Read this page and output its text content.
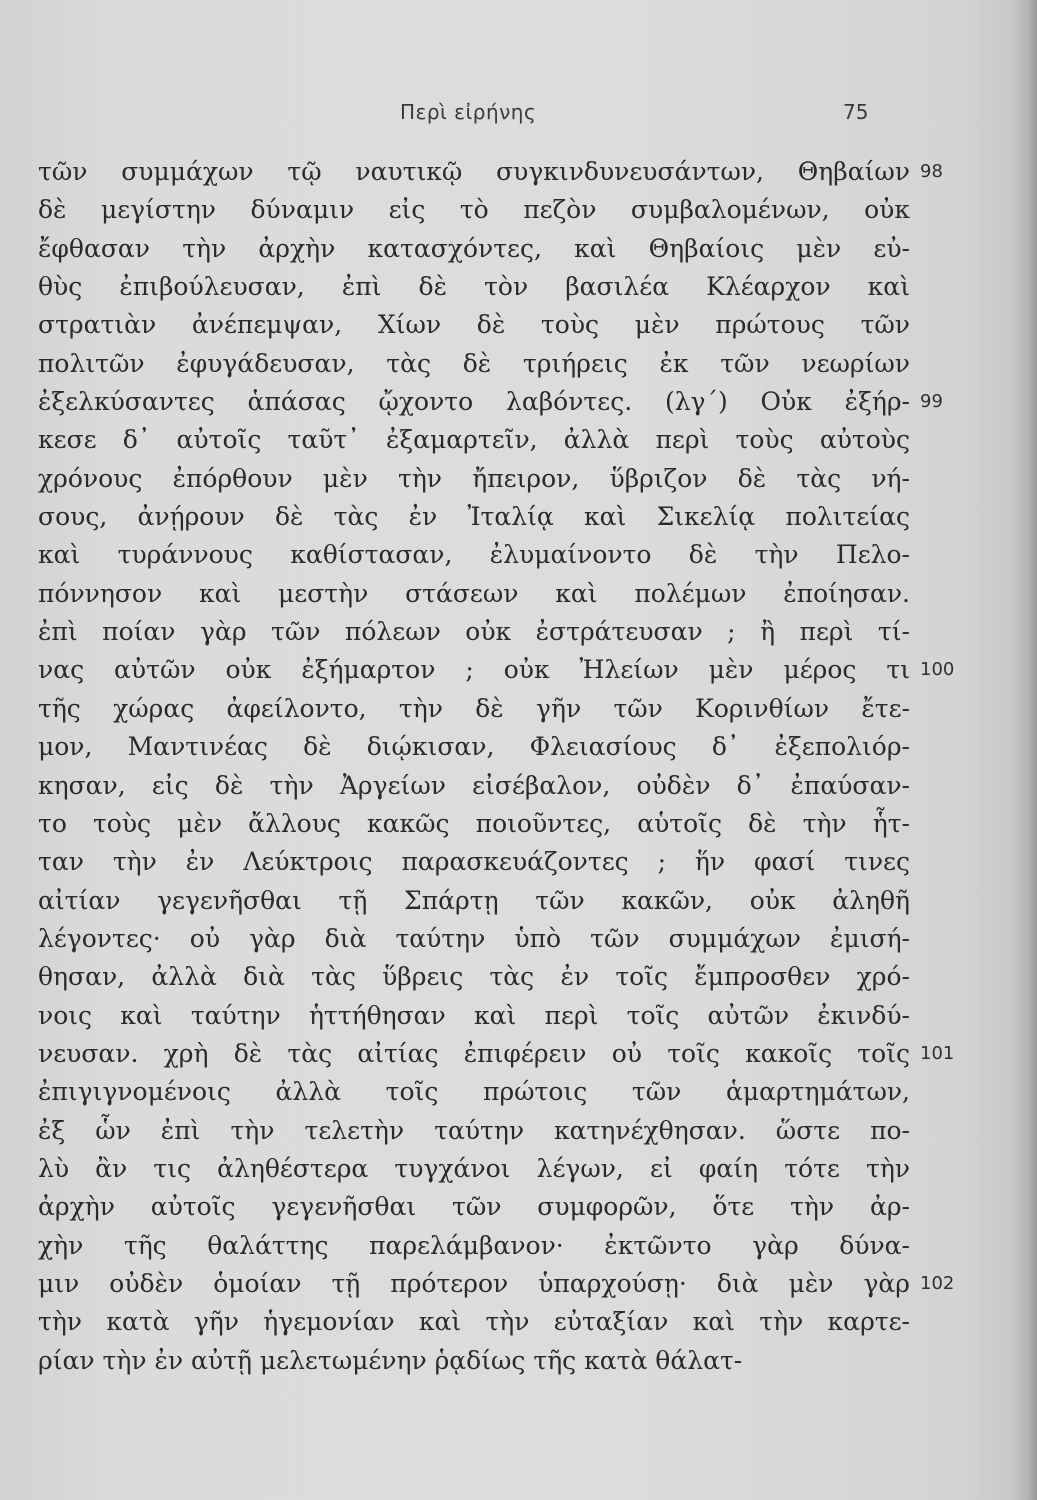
Περὶ εἰρήνης	75
τῶν συμμάχων τῷ ναυτικῷ συγκινδυνευσάντων, Θηβαίων 98
δὲ μεγίστην δύναμιν εἰς τὸ πεζὸν συμβαλομένων, οὐκ
ἔφθασαν τὴν ἀρχὴν κατασχόντες, καὶ Θηβαίοις μὲν εὐ-
θὺς ἐπιβούλευσαν, ἐπὶ δὲ τὸν βασιλέα Κλέαρχον καὶ
στρατιὰν ἀνέπεμψαν, Χίων δὲ τοὺς μὲν πρώτους τῶν
πολιτῶν ἐφυγάδευσαν, τὰς δὲ τριήρεις ἐκ τῶν νεωρίων
ἐξελκύσαντες ἁπάσας ᾤχοντο λαβόντες. (λγ´) Οὐκ ἐξήρ- 99
κεσε δ᾽ αὐτοῖς ταῦτ᾽ ἐξαμαρτεῖν, ἀλλὰ περὶ τοὺς αὐτοὺς
χρόνους ἐπόρθουν μὲν τὴν ἤπειρον, ὕβριζον δὲ τὰς νή-
σους, ἀνῄρουν δὲ τὰς ἐν Ἰταλίᾳ καὶ Σικελίᾳ πολιτείας
καὶ τυράννους καθίστασαν, ἐλυμαίνοντο δὲ τὴν Πελο-
πόννησον καὶ μεστὴν στάσεων καὶ πολέμων ἐποίησαν.
ἐπὶ ποίαν γὰρ τῶν πόλεων οὐκ ἐστράτευσαν ; ἢ περὶ τί-
νας αὐτῶν οὐκ ἐξήμαρτον ; οὐκ Ἠλείων μὲν μέρος τι 100
τῆς χώρας ἀφείλοντο, τὴν δὲ γῆν τῶν Κορινθίων ἔτε-
μον, Μαντινέας δὲ διῴκισαν, Φλειασίους δ᾽ ἐξεπολιόρ-
κησαν, εἰς δὲ τὴν Ἀργείων εἰσέβαλον, οὐδὲν δ᾽ ἐπαύσαν-
το τοὺς μὲν ἄλλους κακῶς ποιοῦντες, αὑτοῖς δὲ τὴν ἧτ-
ταν τὴν ἐν Λεύκτροις παρασκευάζοντες ; ἥν φασί τινες
αἰτίαν γεγενῆσθαι τῇ Σπάρτῃ τῶν κακῶν, οὐκ ἀληθῆ
λέγοντες· οὐ γὰρ διὰ ταύτην ὑπὸ τῶν συμμάχων ἐμισή-
θησαν, ἀλλὰ διὰ τὰς ὕβρεις τὰς ἐν τοῖς ἔμπροσθεν χρό-
νοις καὶ ταύτην ἡττήθησαν καὶ περὶ τοῖς αὐτῶν ἐκινδύ-
νευσαν. χρὴ δὲ τὰς αἰτίας ἐπιφέρειν οὐ τοῖς κακοῖς τοῖς 101
ἐπιγιγνομένοις ἀλλὰ τοῖς πρώτοις τῶν ἁμαρτημάτων,
ἐξ ὧν ἐπὶ τὴν τελετὴν ταύτην κατηνέχθησαν. ὥστε πο-
λὺ ἂν τις ἀληθέστερα τυγχάνοι λέγων, εἰ φαίη τότε τὴν
ἀρχὴν αὐτοῖς γεγενῆσθαι τῶν συμφορῶν, ὅτε τὴν ἀρ-
χὴν τῆς θαλάττης παρελάμβανον· ἐκτῶντο γὰρ δύνα-
μιν οὐδὲν ὁμοίαν τῇ πρότερον ὑπαρχούσῃ· διὰ μὲν γὰρ 102
τὴν κατὰ γῆν ἡγεμονίαν καὶ τὴν εὐταξίαν καὶ τὴν καρτε-
ρίαν τὴν ἐν αὐτῇ μελετωμένην ῥᾳδίως τῆς κατὰ θάλατ-
